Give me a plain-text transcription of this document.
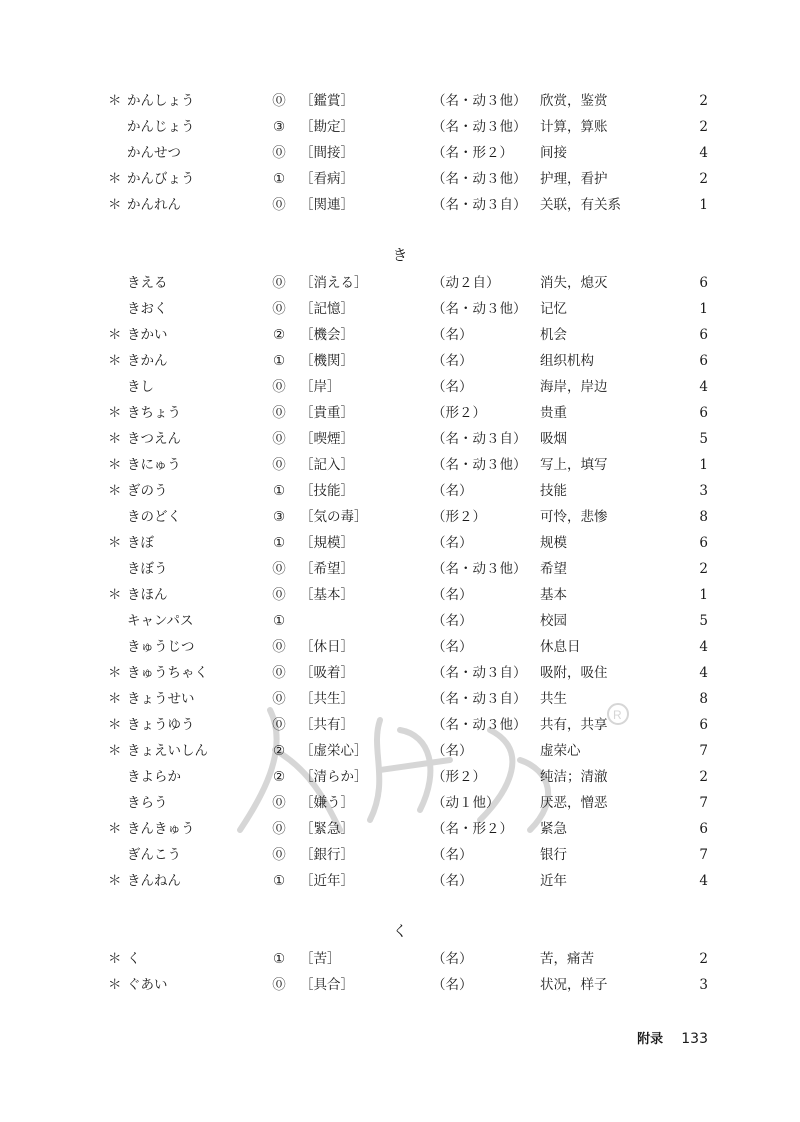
R
＊ かんしょう	⓪ ［鑑賞］	（名・动３他） 欣赏，鉴赏	2
かんじょう	③ ［勘定］	（名・动３他） 计算，算账	2
かんせつ	⓪ ［間接］	（名・形２） 间接	4
＊ かんびょう	① ［看病］	（名・动３他） 护理，看护	2
＊ かんれん	⓪ ［関連］	（名・动３自） 关联，有关系	1
き
きえる	⓪ ［消える］	（动２自）	消失，熄灭	6
きおく	⓪ ［記憶］	（名・动３他） 记忆	1
＊ きかい	② ［機会］	（名）	机会	6
＊ きかん	① ［機関］	（名）	组织机构	6
きし	⓪ ［岸］	（名）	海岸，岸边	4
＊ きちょう	⓪ ［貴重］	（形２）	贵重	6
＊ きつえん	⓪ ［喫煙］	（名・动３自） 吸烟	5
＊ きにゅう	⓪ ［記入］	（名・动３他） 写上，填写	1
＊ ぎのう	① ［技能］	（名）	技能	3
きのどく	③ ［気の毒］	（形２）	可怜，悲惨	8
＊ きぼ	① ［規模］	（名）	规模	6
きぼう	⓪ ［希望］	（名・动３他） 希望	2
＊ きほん	⓪ ［基本］	（名）	基本	1
キャンパス	①	（名）	校园	5
きゅうじつ	⓪ ［休日］	（名）	休息日	4
＊ きゅうちゃく	⓪ ［吸着］	（名・动３自） 吸附，吸住	4
＊ きょうせい	⓪ ［共生］	（名・动３自） 共生	8
＊ きょうゆう	⓪ ［共有］	（名・动３他） 共有，共享	6
＊ きょえいしん	② ［虚栄心］	（名）	虚荣心	7
きよらか	② ［清らか］	（形２）	纯洁；清澈	2
きらう	⓪ ［嫌う］	（动１他）	厌恶，憎恶	7
＊ きんきゅう	⓪ ［緊急］	（名・形２） 紧急	6
ぎんこう	⓪ ［銀行］	（名）	银行	7
＊ きんねん	① ［近年］	（名）	近年	4
く
＊ く	① ［苦］	（名）	苦，痛苦	2
＊ ぐあい	⓪ ［具合］	（名）	状况，样子	3
附录 133
